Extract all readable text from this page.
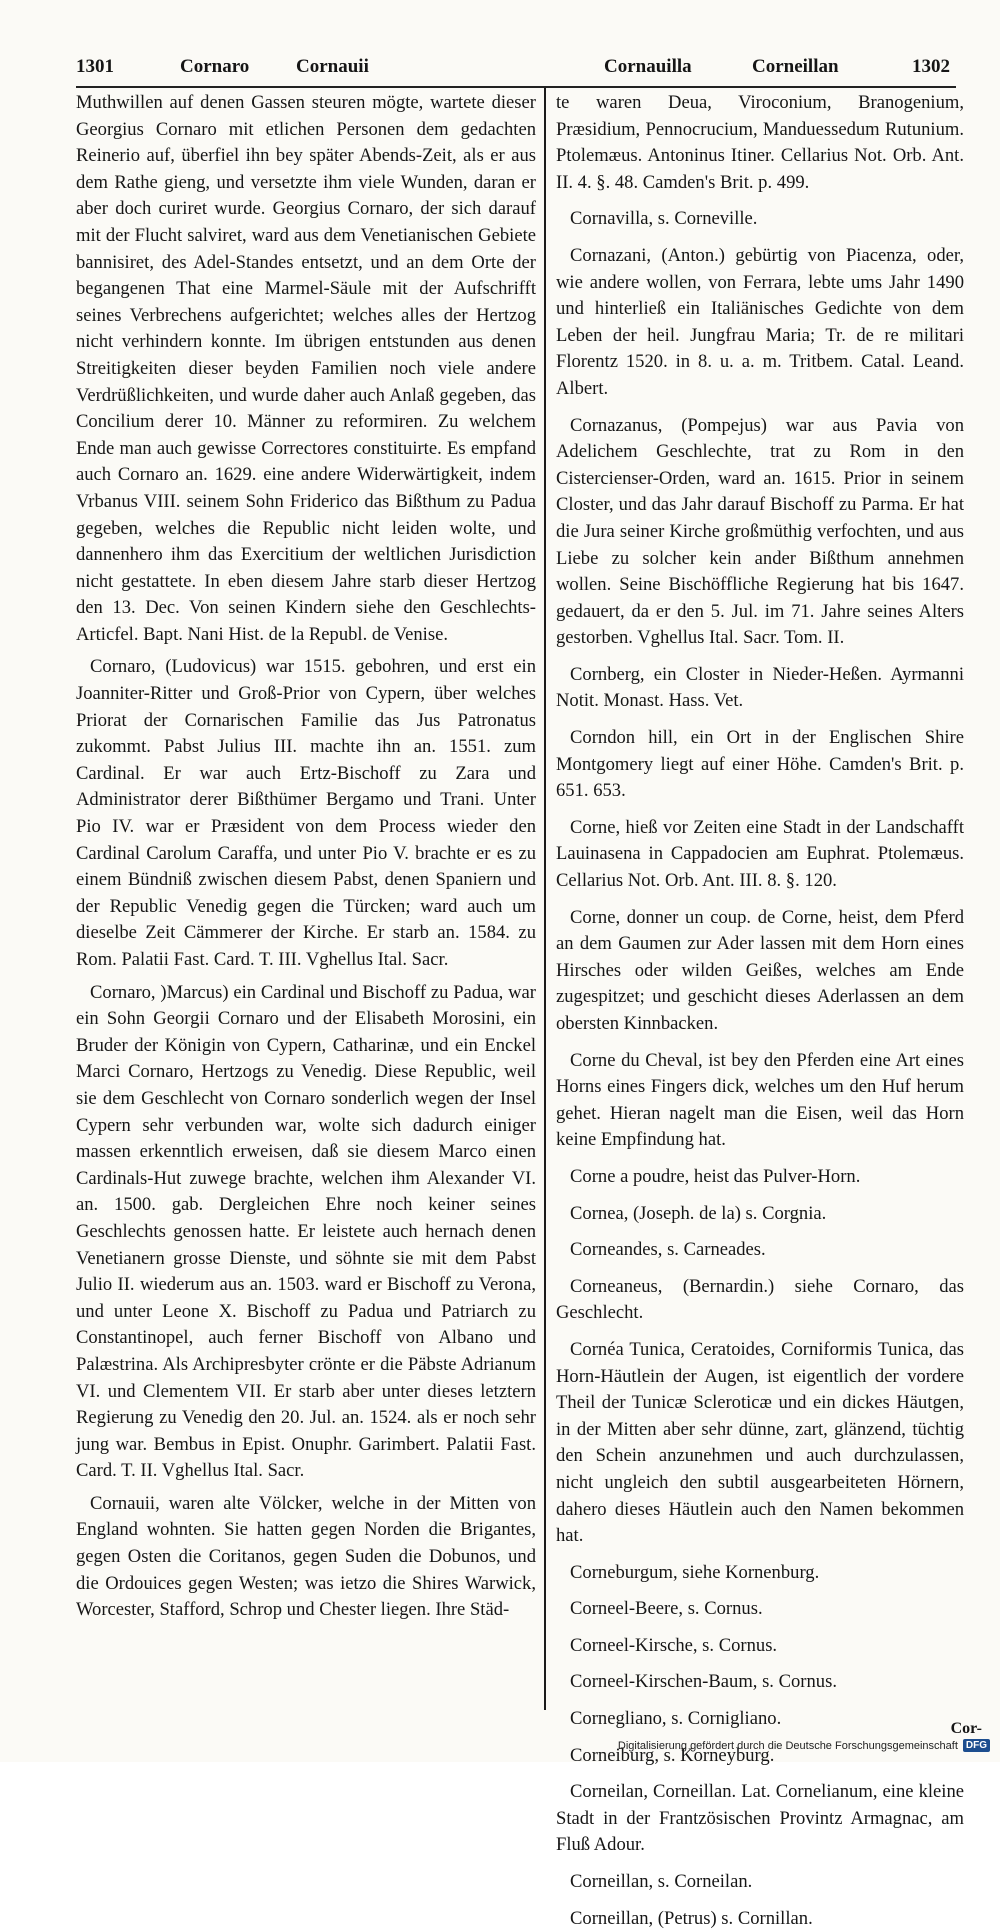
1301	Cornaro Cornauii	Cornauilla	Corneillan	1302

Muthwillen auf denen Gassen steuren mögte, wartete dieser Georgius Cornaro mit etlichen Personen dem gedachten Reinerio auf, überfiel ihn bey später Abends-Zeit, als er aus dem Rathe gieng, und versetzte ihm viele Wunden, daran er aber doch curiret wurde. Georgius Cornaro, der sich darauf mit der Flucht salviret, ward aus dem Venetianischen Gebiete bannisiret, des Adel-Standes entsetzt, und an dem Orte der begangenen That eine Marmel-Säule mit der Aufschrifft seines Verbrechens aufgerichtet; welches alles der Hertzog nicht verhindern konnte. Im übrigen entstunden aus denen Streitigkeiten dieser beyden Familien noch viele andere Verdrüßlichkeiten, und wurde daher auch Anlaß gegeben, das Concilium derer 10. Männer zu reformiren. Zu welchem Ende man auch gewisse Correctores constituirte. Es empfand auch Cornaro an. 1629. eine andere Widerwärtigkeit, indem Vrbanus VIII. seinem Sohn Friderico das Bißthum zu Padua gegeben, welches die Republic nicht leiden wolte, und dannenhero ihm das Exercitium der weltlichen Jurisdiction nicht gestattete. In eben diesem Jahre starb dieser Hertzog den 13. Dec. Von seinen Kindern siehe den Geschlechts-Articfel. Bapt. Nani Hist. de la Republ. de Venise.

Cornaro, (Ludovicus) war 1515. gebohren, und erst ein Joanniter-Ritter und Groß-Prior von Cypern, über welches Priorat der Cornarischen Familie das Jus Patronatus zukommt. Pabst Julius III. machte ihn an. 1551. zum Cardinal. Er war auch Ertz-Bischoff zu Zara und Administrator derer Bißthümer Bergamo und Trani. Unter Pio IV. war er Præsident von dem Process wieder den Cardinal Carolum Caraffa, und unter Pio V. brachte er es zu einem Bündniß zwischen diesem Pabst, denen Spaniern und der Republic Venedig gegen die Türcken; ward auch um dieselbe Zeit Cämmerer der Kirche. Er starb an. 1584. zu Rom. Palatii Fast. Card. T. III. Vghellus Ital. Sacr.

Cornaro, )Marcus) ein Cardinal und Bischoff zu Padua, war ein Sohn Georgii Cornaro und der Elisabeth Morosini, ein Bruder der Königin von Cypern, Catharinæ, und ein Enckel Marci Cornaro, Hertzogs zu Venedig. Diese Republic, weil sie dem Geschlecht von Cornaro sonderlich wegen der Insel Cypern sehr verbunden war, wolte sich dadurch einiger massen erkenntlich erweisen, daß sie diesem Marco einen Cardinals-Hut zuwege brachte, welchen ihm Alexander VI. an. 1500. gab. Dergleichen Ehre noch keiner seines Geschlechts genossen hatte. Er leistete auch hernach denen Venetianern grosse Dienste, und söhnte sie mit dem Pabst Julio II. wiederum aus an. 1503. ward er Bischoff zu Verona, und unter Leone X. Bischoff zu Padua und Patriarch zu Constantinopel, auch ferner Bischoff von Albano und Palæstrina. Als Archipresbyter crönte er die Päbste Adrianum VI. und Clementem VII. Er starb aber unter dieses letztern Regierung zu Venedig den 20. Jul. an. 1524. als er noch sehr jung war. Bembus in Epist. Onuphr. Garimbert. Palatii Fast. Card. T. II. Vghellus Ital. Sacr.

Cornauii, waren alte Völcker, welche in der Mitten von England wohnten. Sie hatten gegen Norden die Brigantes, gegen Osten die Coritanos, gegen Suden die Dobunos, und die Ordouices gegen Westen; was ietzo die Shires Warwick, Worcester, Stafford, Schrop und Chester liegen. Ihre Städ-

te waren Deua, Viroconium, Branogenium, Præsidium, Pennocrucium, Manduessedum Rutunium. Ptolemæus. Antoninus Itiner. Cellarius Not. Orb. Ant. II. 4. §. 48. Camden's Brit. p. 499.

Cornavilla, s. Corneville.

Cornazani, (Anton.) gebürtig von Piacenza, oder, wie andere wollen, von Ferrara, lebte ums Jahr 1490 und hinterließ ein Italiänisches Gedichte von dem Leben der heil. Jungfrau Maria; Tr. de re militari Florentz 1520. in 8. u. a. m. Tritbem. Catal. Leand. Albert.

Cornazanus, (Pompejus) war aus Pavia von Adelichem Geschlechte, trat zu Rom in den Cistercienser-Orden, ward an. 1615. Prior in seinem Closter, und das Jahr darauf Bischoff zu Parma. Er hat die Jura seiner Kirche großmüthig verfochten, und aus Liebe zu solcher kein ander Bißthum annehmen wollen. Seine Bischöffliche Regierung hat bis 1647. gedauert, da er den 5. Jul. im 71. Jahre seines Alters gestorben. Vghellus Ital. Sacr. Tom. II.

Cornberg, ein Closter in Nieder-Heßen. Ayrmanni Notit. Monast. Hass. Vet.

Corndon hill, ein Ort in der Englischen Shire Montgomery liegt auf einer Höhe. Camden's Brit. p. 651. 653.

Corne, hieß vor Zeiten eine Stadt in der Landschafft Lauinasena in Cappadocien am Euphrat. Ptolemæus. Cellarius Not. Orb. Ant. III. 8. §. 120.

Corne, donner un coup. de Corne, heist, dem Pferd an dem Gaumen zur Ader lassen mit dem Horn eines Hirsches oder wilden Geißes, welches am Ende zugespitzet; und geschicht dieses Aderlassen an dem obersten Kinnbacken.

Corne du Cheval, ist bey den Pferden eine Art eines Horns eines Fingers dick, welches um den Huf herum gehet. Hieran nagelt man die Eisen, weil das Horn keine Empfindung hat.

Corne a poudre, heist das Pulver-Horn.

Cornea, (Joseph. de la) s. Corgnia.

Corneandes, s. Carneades.

Corneaneus, (Bernardin.) siehe Cornaro, das Geschlecht.

Cornéa Tunica, Ceratoides, Corniformis Tunica, das Horn-Häutlein der Augen, ist eigentlich der vordere Theil der Tunicæ Scleroticæ und ein dickes Häutgen, in der Mitten aber sehr dünne, zart, glänzend, tüchtig den Schein anzunehmen und auch durchzulassen, nicht ungleich den subtil ausgearbeiteten Hörnern, dahero dieses Häutlein auch den Namen bekommen hat.

Corneburgum, siehe Kornenburg.

Corneel-Beere, s. Cornus.

Corneel-Kirsche, s. Cornus.

Corneel-Kirschen-Baum, s. Cornus.

Cornegliano, s. Cornigliano.

Corneiburg, s. Korneyburg.

Corneilan, Corneillan. Lat. Cornelianum, eine kleine Stadt in der Frantzösischen Provintz Armagnac, am Fluß Adour.

Corneillan, s. Corneilan.

Corneillan, (Petrus) s. Cornillan.

Cor-
Digitalisierung gefördert durch die Deutsche Forschungsgemeinschaft DFG
